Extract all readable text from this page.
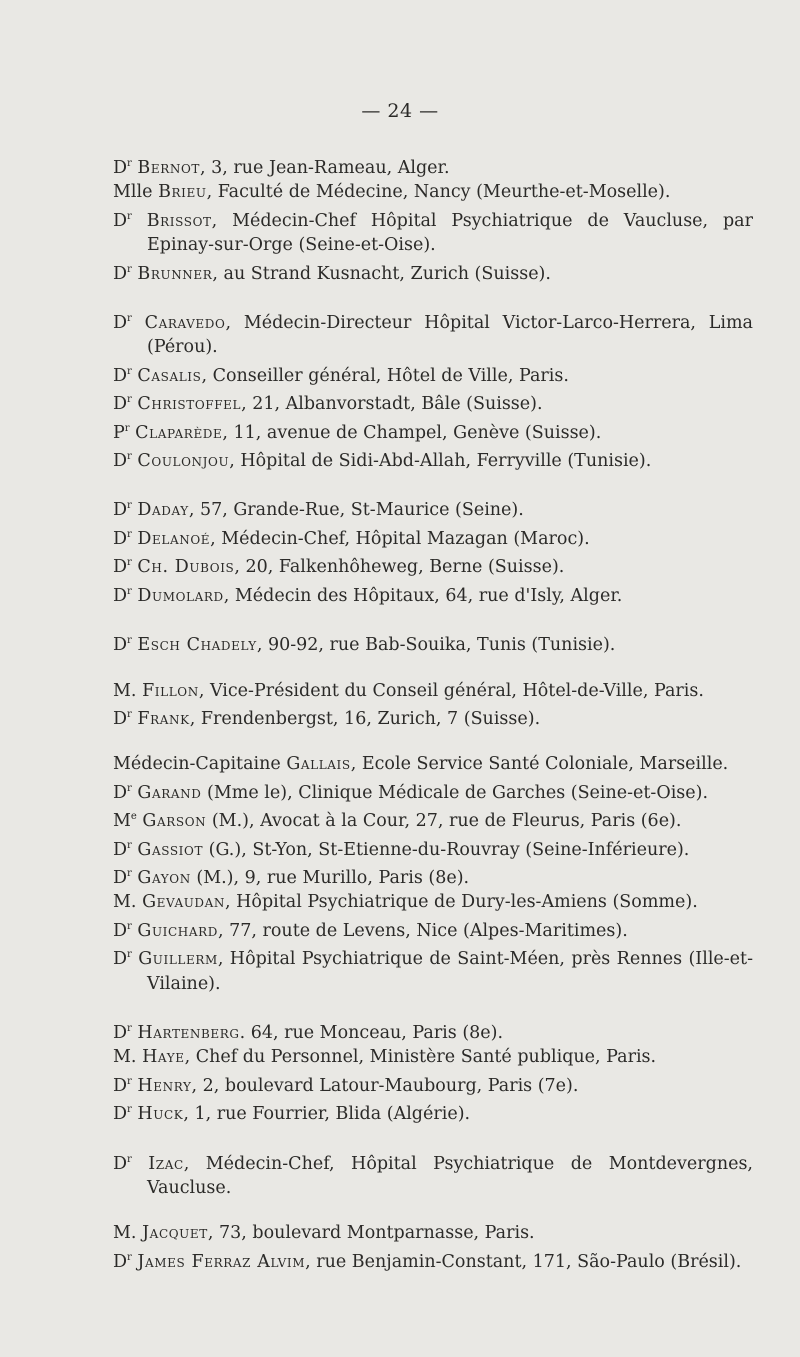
— 24 —
$D^r$ Bernot, 3, rue Jean-Rameau, Alger.
Mlle Brieu, Faculté de Médecine, Nancy (Meurthe-et-Moselle).
$D^r$ Brissot, Médecin-Chef Hôpital Psychiatrique de Vaucluse, par Epinay-sur-Orge (Seine-et-Oise).
$D^r$ Brunner, au Strand Kusnacht, Zurich (Suisse).
$D^r$ Caravedo, Médecin-Directeur Hôpital Victor-Larco-Herrera, Lima (Pérou).
$D^r$ Casalis, Conseiller général, Hôtel de Ville, Paris.
$D^r$ Christoffel, 21, Albanvorstadt, Bâle (Suisse).
$P^r$ Claparède, 11, avenue de Champel, Genève (Suisse).
$D^r$ Coulonjou, Hôpital de Sidi-Abd-Allah, Ferryville (Tunisie).
$D^r$ Daday, 57, Grande-Rue, St-Maurice (Seine).
$D^r$ Delanoé, Médecin-Chef, Hôpital Mazagan (Maroc).
$D^r$ Ch. Dubois, 20, Falkenhôheweg, Berne (Suisse).
$D^r$ Dumolard, Médecin des Hôpitaux, 64, rue d'Isly, Alger.
$D^r$ Esch Chadely, 90-92, rue Bab-Souika, Tunis (Tunisie).
M. Fillon, Vice-Président du Conseil général, Hôtel-de-Ville, Paris.
$D^r$ Frank, Frendenbergst, 16, Zurich, 7 (Suisse).
Médecin-Capitaine Gallais, Ecole Service Santé Coloniale, Marseille.
$D^r$ Garand (Mme le), Clinique Médicale de Garches (Seine-et-Oise).
Me Garson (M.), Avocat à la Cour, 27, rue de Fleurus, Paris (6e).
$D^r$ Gassiot (G.), St-Yon, St-Etienne-du-Rouvray (Seine-Inférieure).
$D^r$ Gayon (M.), 9, rue Murillo, Paris (8e).
M. Gevaudan, Hôpital Psychiatrique de Dury-les-Amiens (Somme).
$D^r$ Guichard, 77, route de Levens, Nice (Alpes-Maritimes).
$D^r$ Guillerm, Hôpital Psychiatrique de Saint-Méen, près Rennes (Ille-et-Vilaine).
$D^r$ Hartenberg. 64, rue Monceau, Paris (8e).
M. Haye, Chef du Personnel, Ministère Santé publique, Paris.
$D^r$ Henry, 2, boulevard Latour-Maubourg, Paris (7e).
$D^r$ Huck, 1, rue Fourrier, Blida (Algérie).
$D^r$ Izac, Médecin-Chef, Hôpital Psychiatrique de Montdevergnes, Vaucluse.
M. Jacquet, 73, boulevard Montparnasse, Paris.
$D^r$ James Ferraz Alvim, rue Benjamin-Constant, 171, São-Paulo (Brésil).
